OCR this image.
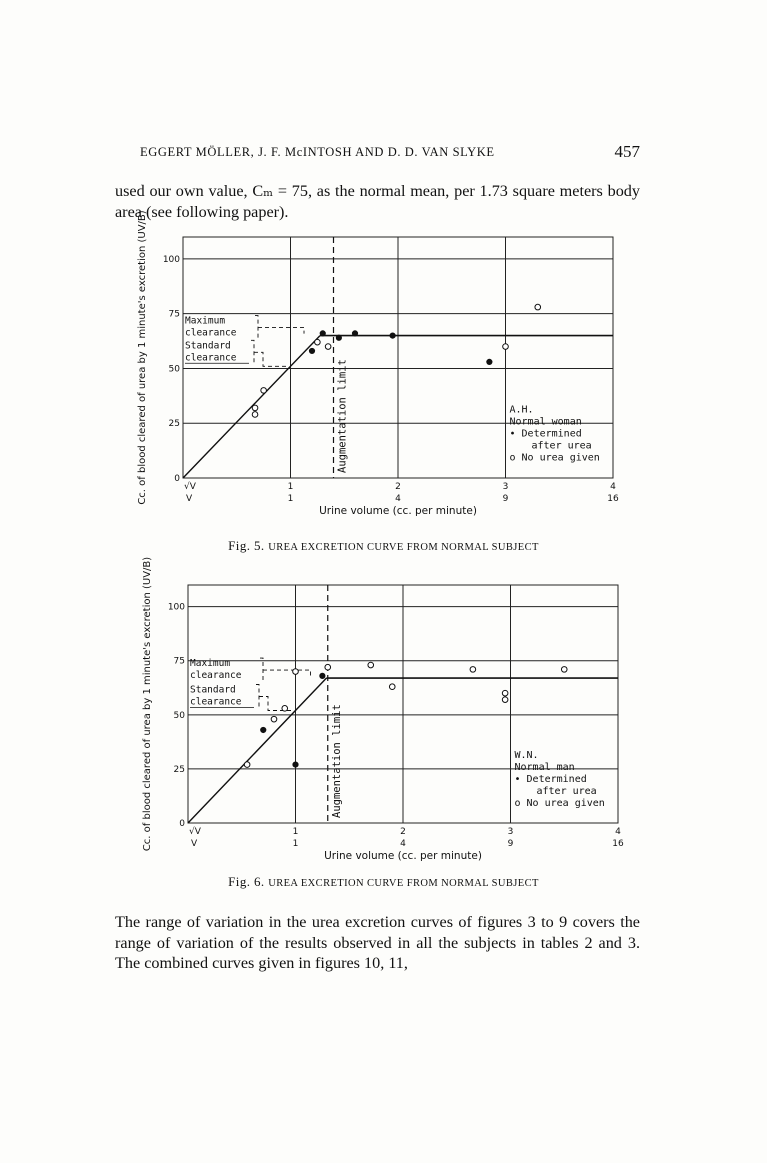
EGGERT MÖLLER, J. F. McINTOSH AND D. D. VAN SLYKE	457
used our own value, Cₘ = 75, as the normal mean, per 1.73 square meters body area (see following paper).
0
25
50
75
100
√V
V
1
1
2
4
3
9
4
16
Urine volume (cc. per minute)
Cc. of blood cleared of urea by 1 minute's excretion (UV/B)	Augmentation limit
Maximum
clearance
Standard
clearance
A.H.
Normal woman
• Determined
after urea
o No urea given
Fig. 5. UREA EXCRETION CURVE FROM NORMAL SUBJECT
0
25
50
75
100
√V
V
1
1
2
4
3
9
4
16
Urine volume (cc. per minute)
Cc. of blood cleared of urea by 1 minute's excretion (UV/B)	Augmentation limit
Maximum
clearance
Standard
clearance
W.N.
Normal man
• Determined
after urea
o No urea given
Fig. 6. UREA EXCRETION CURVE FROM NORMAL SUBJECT
The range of variation in the urea excretion curves of figures 3 to 9 covers the range of variation of the results observed in all the subjects in tables 2 and 3. The combined curves given in figures 10, 11,
